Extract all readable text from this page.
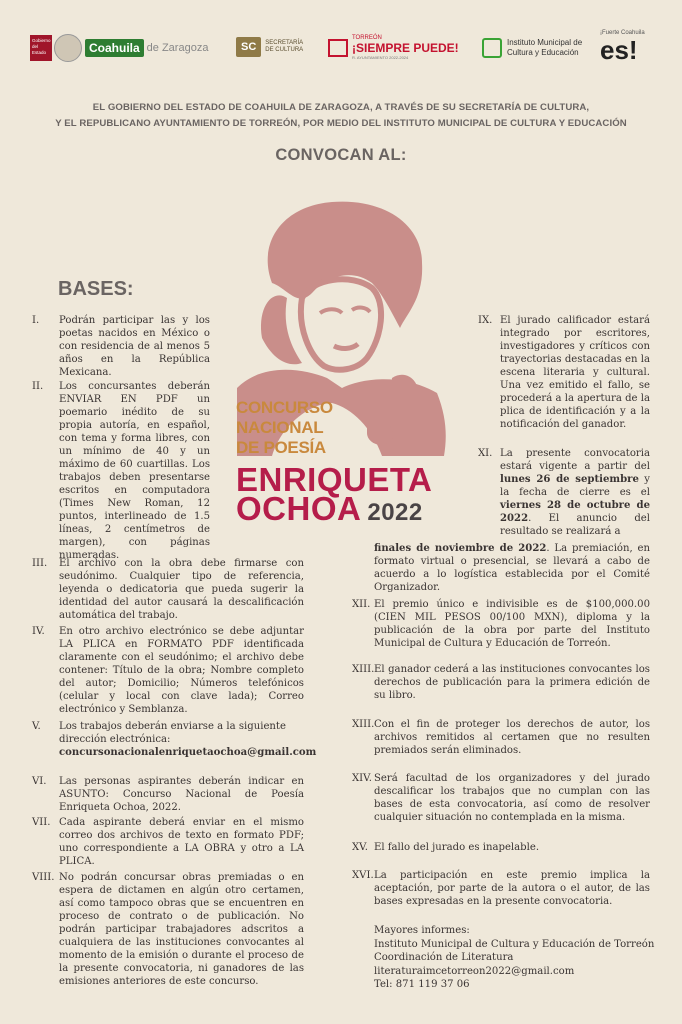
Gobierno del Estado	Coahuila de Zaragoza	SC	SECRETARÍA DE CULTURA
TORREÓN
¡SIEMPRE PUEDE!
R. AYUNTAMIENTO 2022-2024
Instituto Municipal de Cultura y Educación
¡Fuerte Coahuila
es!
EL GOBIERNO DEL ESTADO DE COAHUILA DE ZARAGOZA, A TRAVÉS DE SU SECRETARÍA DE CULTURA,
Y EL REPUBLICANO AYUNTAMIENTO DE TORREÓN, POR MEDIO DEL INSTITUTO MUNICIPAL DE CULTURA Y EDUCACIÓN
CONVOCAN AL:
CONCURSO
NACIONAL
DE POESÍA
ENRIQUETA
OCHOA 2022
BASES:
I. Podrán participar las y los poetas nacidos en México o con residencia de al menos 5 años en la República Mexicana.
II. Los concursantes deberán ENVIAR EN PDF un poemario inédito de su propia autoría, en español, con tema y forma libres, con un mínimo de 40 y un máximo de 60 cuartillas. Los trabajos deben presentarse escritos en computadora (Times New Roman, 12 puntos, interlineado de 1.5 líneas, 2 centímetros de margen), con páginas numeradas.
III. El archivo con la obra debe firmarse con seudónimo. Cualquier tipo de referencia, leyenda o dedicatoria que pueda sugerir la identidad del autor causará la descalificación automática del trabajo.
IV. En otro archivo electrónico se debe adjuntar LA PLICA en FORMATO PDF identificada claramente con el seudónimo; el archivo debe contener: Título de la obra; Nombre completo del autor; Domicilio; Números telefónicos (celular y local con clave lada); Correo electrónico y Semblanza.
V. Los trabajos deberán enviarse a la siguiente dirección electrónica:
concursonacionalenriquetaochoa@gmail.com
VI. Las personas aspirantes deberán indicar en ASUNTO: Concurso Nacional de Poesía Enriqueta Ochoa, 2022.
VII. Cada aspirante deberá enviar en el mismo correo dos archivos de texto en formato PDF; uno correspondiente a LA OBRA y otro a LA PLICA.
VIII. No podrán concursar obras premiadas o en espera de dictamen en algún otro certamen, así como tampoco obras que se encuentren en proceso de contrato o de publicación. No podrán participar trabajadores adscritos a cualquiera de las instituciones convocantes al momento de la emisión o durante el proceso de la presente convocatoria, ni ganadores de las emisiones anteriores de este concurso.
IX. El jurado calificador estará integrado por escritores, investigadores y críticos con trayectorias destacadas en la escena literaria y cultural. Una vez emitido el fallo, se procederá a la apertura de la plica de identificación y a la notificación del ganador.
XI. La presente convocatoria estará vigente a partir del lunes 26 de septiembre y la fecha de cierre es el viernes 28 de octubre de 2022. El anuncio del resultado se realizará a
finales de noviembre de 2022. La premiación, en formato virtual o presencial, se llevará a cabo de acuerdo a lo logística establecida por el Comité Organizador.
XII. El premio único e indivisible es de $100,000.00 (CIEN MIL PESOS 00/100 MXN), diploma y la publicación de la obra por parte del Instituto Municipal de Cultura y Educación de Torreón.
XIII. El ganador cederá a las instituciones convocantes los derechos de publicación para la primera edición de su libro.
XIII. Con el fin de proteger los derechos de autor, los archivos remitidos al certamen que no resulten premiados serán eliminados.
XIV. Será facultad de los organizadores y del jurado descalificar los trabajos que no cumplan con las bases de esta convocatoria, así como de resolver cualquier situación no contemplada en la misma.
XV. El fallo del jurado es inapelable.
XVI. La participación en este premio implica la aceptación, por parte de la autora o el autor, de las bases expresadas en la presente convocatoria.
Mayores informes:
Instituto Municipal de Cultura y Educación de Torreón
Coordinación de Literatura
literaturaimcetorreon2022@gmail.com
Tel: 871 119 37 06
